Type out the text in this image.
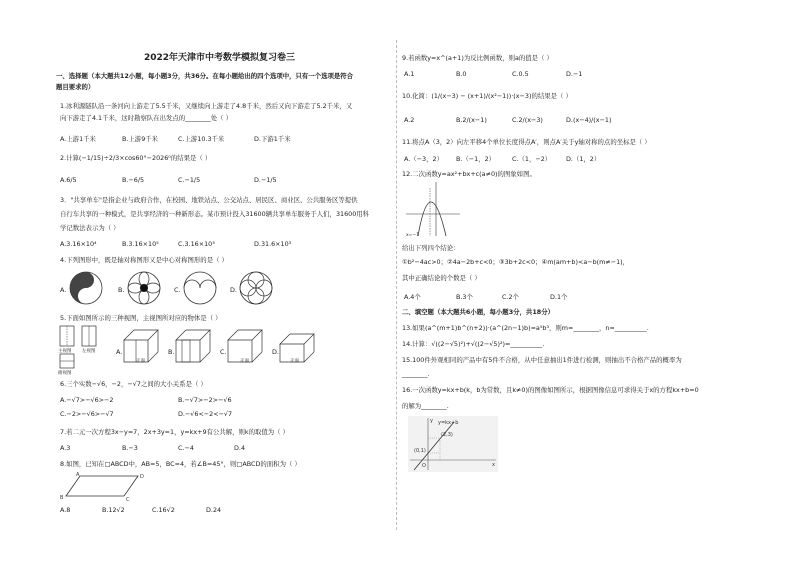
2022年天津市中考数学模拟复习卷三
一、选择题（本大题共12小题，每小题3分，共36分。在每小题给出的四个选项中，只有一个选项是符合
题目要求的）
1.冰利源隧队沿一条河向上游走了5.5千米，又继续向上游走了4.8千米，然后又向下游走了5.2千米，又
向下游走了4.1千米，这时勘察队在出发点的________处（ ）
A.上游1千米	B.上游9千米	C.上游10.3千米	D.下游1千米
2.计算(−1/15)÷2/3×cos60°−2026⁰的结果是（ ）
A.6/5	B.−6/5	C.−1/5	D.−1/5
3．"共享单车"是指企业与政府合作，在校园、地铁站点、公交站点、居民区、商业区、公共服务区等提供
自行车共享的一种模式，是共享经济的一种新形态。某市预计投入31600辆共享单车服务于人们，31600用科
学记数法表示为（ ）
A.3.16×10⁴	B.3.16×10⁵	C.3.16×10³	D.31.6×10³
4.下列图形中，既是轴对称图形又是中心对称图形的是（ ）
A.	B.	C.	D.
5.下面如图所示的三种视图，主视图所对应的物体是（ ）
主视图 左视图
俯视图
A.
正面
B.	C.
正面
D.
正面
6.三个实数−√6，−2，−√7之间的大小关系是（ ）
A.−√7>−√6>−2	B.−√7>−2>−√6
C.−2>−√6>−√7	D.−√6<−2<−√7
7.若二元一次方程3x−y=7，2x+3y=1，y=kx+9有公共解，则k的取值为（ ）
A.3	B.−3	C.−4	D.4
8.如图，已知在□ABCD中，AB=5，BC=4，若∠B=45°，则□ABCD的面积为（ ）
A
B	C
D
A.8	B.12√2	C.16√2	D.24
9.若函数y=x^(a+1)为反比例函数，则a的值是（ ）
A.1	B.0	C.0.5	D.−1
10.化简：(1/(x−3) − (x+1)/(x²−1))·(x−3)的结果是（ ）
A.2	B.2/(x−1)	C.2/(x−3)	D.(x−4)/(x−1)
11.将点A（3，2）向左平移4个单位长度得点A′，则点A′关于y轴对称的点的坐标是（ ）
A.（−3，2） B.（−1，2）	C.（1，−2） D.（1，2）
12.二次函数y=ax²+bx+c(a≠0)的图象如图。
x=−1
给出下列四个结论：
①b²−4ac>0；②4a−2b+c<0；③3b+2c<0；④m(am+b)<a−b(m≠−1)，
其中正确结论的个数是（ ）
A.4个	B.3个	C.2个	D.1个
二、填空题（本大题共6小题，每小题3分，共18分）
13.如果(a^(m+1)b^(n+2))·(a^(2n−1)b)=a⁵b³，则m=________，n=__________.
14.计算：√((2−√5)²)+√((2−√5)²)=__________.
15.100件外观相同的产品中有5件不合格，从中任意抽出1件进行检测，则抽出不合格产品的概率为
________.
16.一次函数y=kx+b(k，b为常数，且k≠0)的图像如图所示，根据图像信息可求得关于x的方程kx+b=0
的解为________.
y=kx+b
(2,3)
(0,1)
O	x
y
